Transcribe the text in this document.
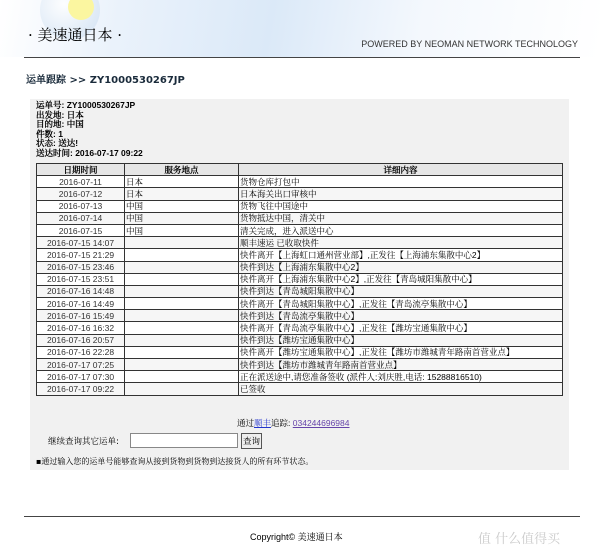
· 美速通日本 ·	POWERED BY NEOMAN NETWORK TECHNOLOGY
运单跟踪 >> ZY1000530267JP
运单号: ZY1000530267JP
出发地: 日本
目的地: 中国
件数: 1
状态: 送达!
送达时间: 2016-07-17 09:22
日期时间	服务地点	详细内容
2016-07-11	日本	货物仓库打包中
2016-07-12	日本	日本海关出口审核中
2016-07-13	中国	货物飞往中国途中
2016-07-14	中国	货物抵达中国，清关中
2016-07-15	中国	清关完成，进入派送中心
2016-07-15 14:07		顺丰速运 已收取快件
2016-07-15 21:29		快件离开【上海虹口通州营业部】,正发往【上海浦东集散中心2】
2016-07-15 23:46		快件到达【上海浦东集散中心2】
2016-07-15 23:51		快件离开【上海浦东集散中心2】,正发往【青岛城阳集散中心】
2016-07-16 14:48		快件到达【青岛城阳集散中心】
2016-07-16 14:49		快件离开【青岛城阳集散中心】,正发往【青岛流亭集散中心】
2016-07-16 15:49		快件到达【青岛流亭集散中心】
2016-07-16 16:32		快件离开【青岛流亭集散中心】,正发往【潍坊宝通集散中心】
2016-07-16 20:57		快件到达【潍坊宝通集散中心】
2016-07-16 22:28		快件离开【潍坊宝通集散中心】,正发往【潍坊市潍城青年路南首营业点】
2016-07-17 07:25		快件到达【潍坊市潍城青年路南首营业点】
2016-07-17 07:30		正在派送途中,请您准备签收 (派件人:刘庆胜,电话: 15288816510)
2016-07-17 09:22		已签收
通过顺丰追踪: 034244696984
继续查询其它运单:	查询
▪通过输入您的运单号能够查询从接到货物到货物到达接货人的所有环节状态。
Copyright© 美速通日本	值 什么值得买
